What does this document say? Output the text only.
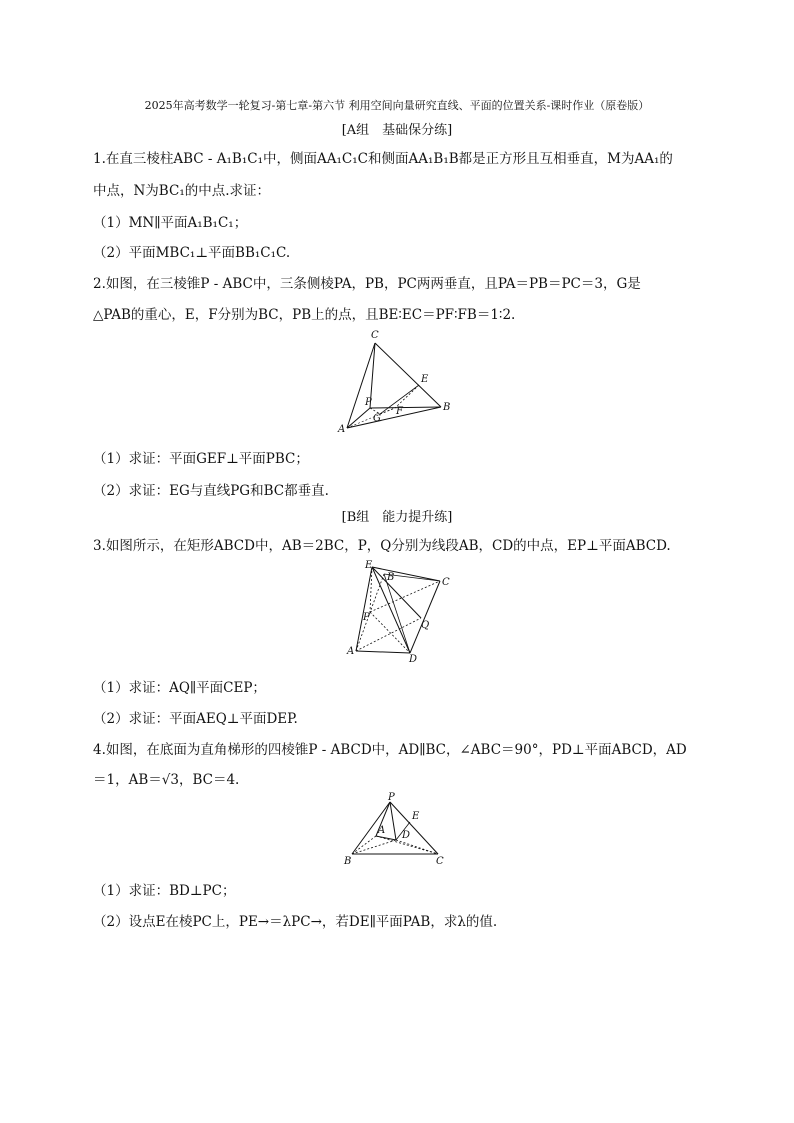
2025年高考数学一轮复习-第七章-第六节 利用空间向量研究直线、平面的位置关系-课时作业（原卷版）
[A组　基础保分练]
1.在直三棱柱ABC - A₁B₁C₁中，侧面AA₁C₁C和侧面AA₁B₁B都是正方形且互相垂直，M为AA₁的
中点，N为BC₁的中点.求证：
（1）MN∥平面A₁B₁C₁；
（2）平面MBC₁⊥平面BB₁C₁C.
2.如图，在三棱锥P - ABC中，三条侧棱PA，PB，PC两两垂直，且PA＝PB＝PC＝3，G是
△PAB的重心，E，F分别为BC，PB上的点，且BE∶EC＝PF∶FB＝1∶2.
C
E
P
F
G
B
A
（1）求证：平面GEF⊥平面PBC；
（2）求证：EG与直线PG和BC都垂直.
[B组　能力提升练]
3.如图所示，在矩形ABCD中，AB＝2BC，P，Q分别为线段AB，CD的中点，EP⊥平面ABCD.
E
B	C
P
Q
A
D
（1）求证：AQ∥平面CEP；
（2）求证：平面AEQ⊥平面DEP.
4.如图，在底面为直角梯形的四棱锥P - ABCD中，AD∥BC，∠ABC＝90°，PD⊥平面ABCD，AD
＝1，AB＝√3，BC＝4.
P
E
A D
B	C
（1）求证：BD⊥PC；
（2）设点E在棱PC上，PE→＝λPC→，若DE∥平面PAB，求λ的值.
